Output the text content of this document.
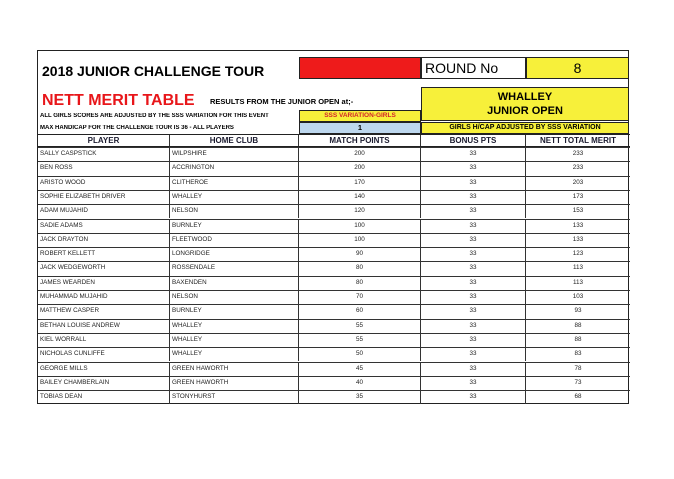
2018 JUNIOR CHALLENGE TOUR	ROUND No	8
NETT MERIT TABLE	RESULTS FROM THE JUNIOR OPEN at;-	WHALLEY
JUNIOR OPEN
ALL GIRLS SCORES ARE ADJUSTED BY THE SSS VARIATION FOR THIS EVENT	SSS VARIATION-GIRLS
MAX HANDICAP FOR THE CHALLENGE TOUR IS 36 - ALL PLAYERS	1	GIRLS H/CAP ADJUSTED BY SSS VARIATION
PLAYER	HOME CLUB	MATCH POINTS	BONUS PTS	NETT TOTAL MERIT
SALLY CASPSTICK	WILPSHIRE	200	33	233
BEN ROSS	ACCRINGTON	200	33	233
ARISTO WOOD	CLITHEROE	170	33	203
SOPHIE ELIZABETH DRIVER	WHALLEY	140	33	173
ADAM MUJAHID	NELSON	120	33	153
SADIE ADAMS	BURNLEY	100	33	133
JACK DRAYTON	FLEETWOOD	100	33	133
ROBERT KELLETT	LONGRIDGE	90	33	123
JACK WEDGEWORTH	ROSSENDALE	80	33	113
JAMES WEARDEN	BAXENDEN	80	33	113
MUHAMMAD MUJAHID	NELSON	70	33	103
MATTHEW CASPER	BURNLEY	60	33	93
BETHAN LOUISE ANDREW	WHALLEY	55	33	88
KIEL WORRALL	WHALLEY	55	33	88
NICHOLAS CUNLIFFE	WHALLEY	50	33	83
GEORGE MILLS	GREEN HAWORTH	45	33	78
BAILEY CHAMBERLAIN	GREEN HAWORTH	40	33	73
TOBIAS DEAN	STONYHURST	35	33	68
